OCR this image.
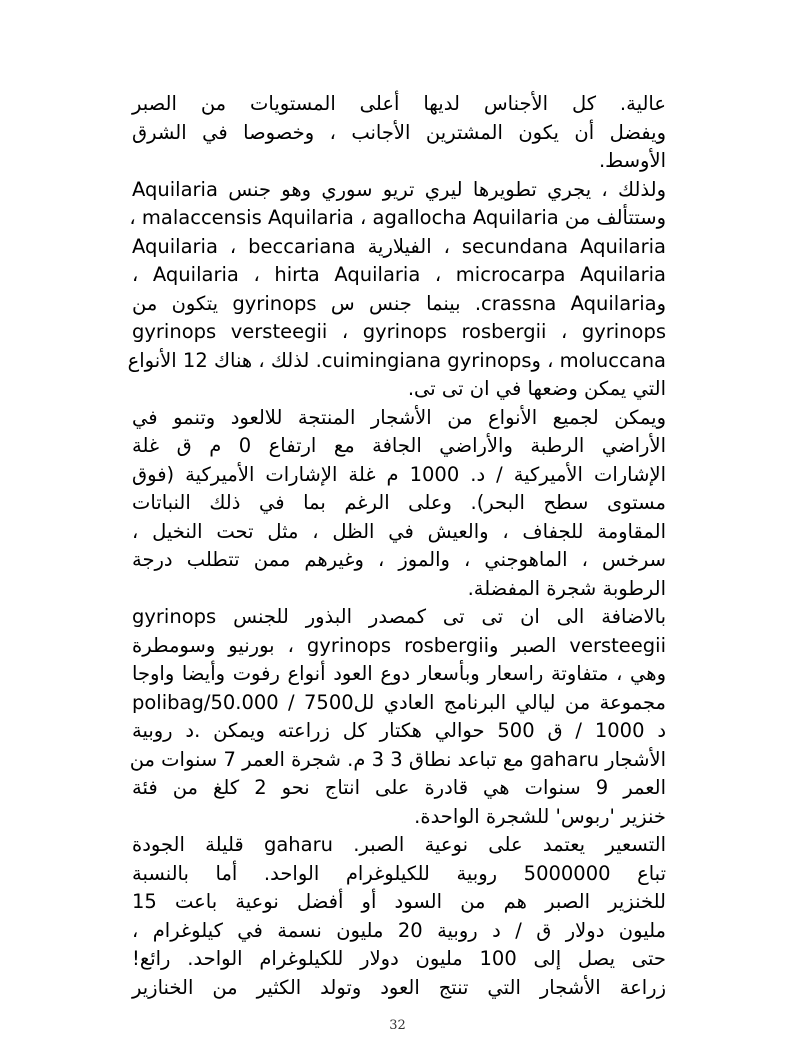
عالية. كل الأجناس لديها أعلى المستويات من الصبر
ويفضل أن يكون المشترين الأجانب ، وخصوصا في الشرق
الأوسط.
ولذلك ، يجري تطويرها ليري تريو سوري وهو جنس Aquilaria
وستتألف من malaccensis Aquilaria ، agallocha Aquilaria ،
secundana Aquilaria ، الفيلارية Aquilaria ، beccariana
Aquilaria ، hirta Aquilaria ، microcarpa Aquilaria ،
وcrassna Aquilaria. بينما جنس س gyrinops يتكون من
gyrinops versteegii ، gyrinops rosbergii ، gyrinops
moluccana ، وcuimingiana gyrinops. لذلك ، هناك 12 الأنواع
التي يمكن وضعها في ان تى تى.
ويمكن لجميع الأنواع من الأشجار المنتجة للالعود وتنمو في
الأراضي الرطبة والأراضي الجافة مع ارتفاع 0 م ق غلة
الإشارات الأميركية / د. 1000 م غلة الإشارات الأميركية (فوق
مستوى سطح البحر). وعلى الرغم بما في ذلك النباتات
المقاومة للجفاف ، والعيش في الظل ، مثل تحت النخيل ،
سرخس ، الماهوجني ، والموز ، وغيرهم ممن تتطلب درجة
الرطوبة شجرة المفضلة.
بالاضافة الى ان تى تى كمصدر البذور للجنس gyrinops
versteegii الصبر وgyrinops rosbergii ، بورنيو وسومطرة
وهي ، متفاوتة راسعار وبأسعار دوع العود أنواع رفوت وأيضا واوجا
مجموعة من ليالي البرنامج العادي لل7500 / 50.000/polibag
د 1000 / ق 500 حوالي هكتار كل زراعته ويمكن .د روبية
الأشجار gaharu مع تباعد نطاق 3 3 م. شجرة العمر 7 سنوات من
العمر 9 سنوات هي قادرة على انتاج نحو 2 كلغ من فئة
خنزير 'ربوس' للشجرة الواحدة.
التسعير يعتمد على نوعية الصبر. gaharu قليلة الجودة
تباع 5000000 روبية للكيلوغرام الواحد. أما بالنسبة
للخنزير الصبر هم من السود أو أفضل نوعية باعت 15
مليون دولار ق / د روبية 20 مليون نسمة في كيلوغرام ،
حتى يصل إلى 100 مليون دولار للكيلوغرام الواحد. رائع!
زراعة الأشجار التي تنتج العود وتولد الكثير من الخنازير
32
